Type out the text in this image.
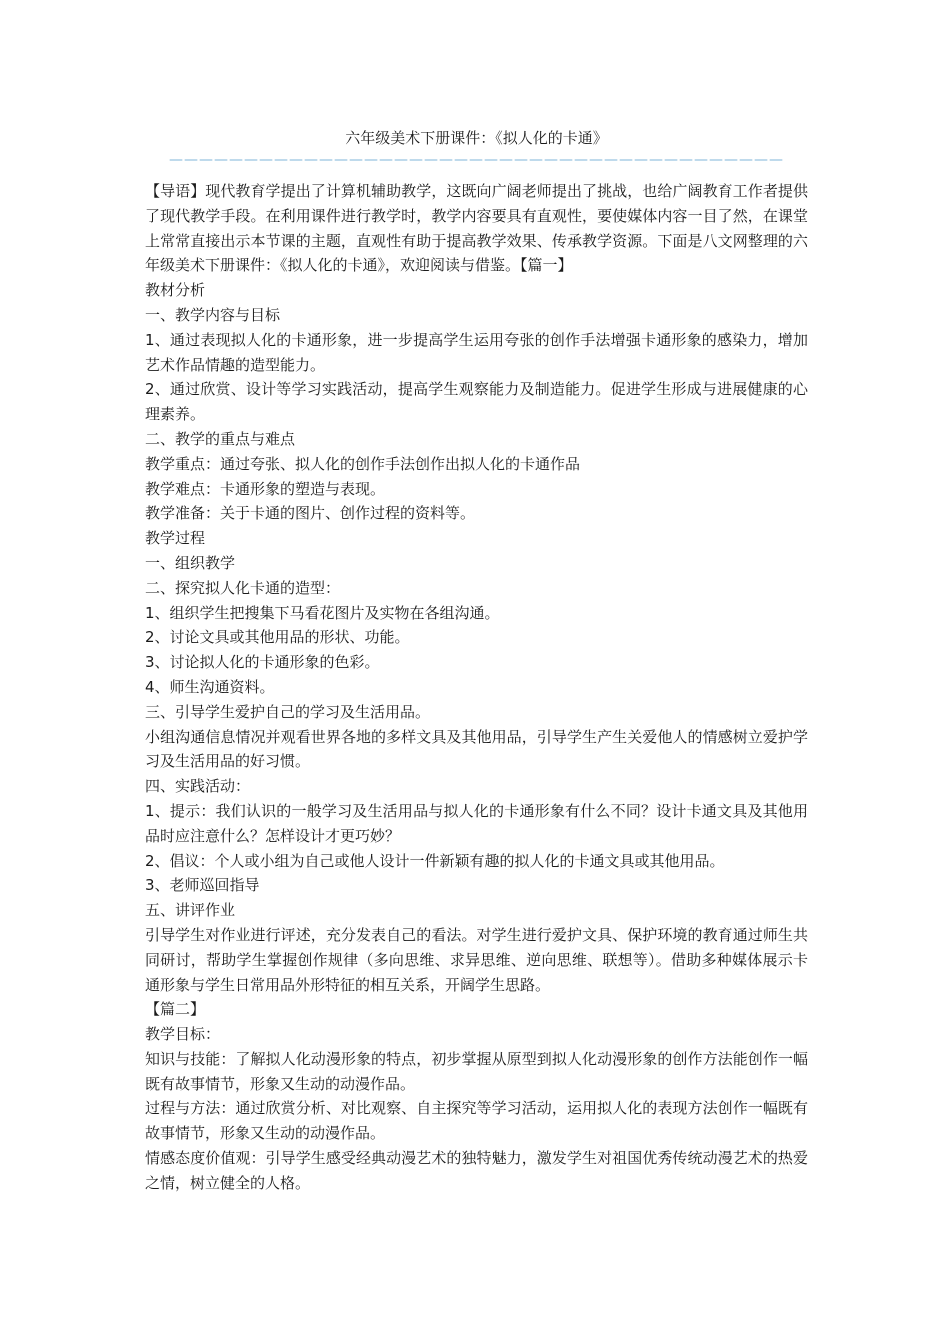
六年级美术下册课件：《拟人化的卡通》
—————————————————————————————————————————

【导语】现代教育学提出了计算机辅助教学，这既向广阔老师提出了挑战，也给广阔教育工作者提供了现代教学手段。在利用课件进行教学时，教学内容要具有直观性，要使媒体内容一目了然，在课堂上常常直接出示本节课的主题，直观性有助于提高教学效果、传承教学资源。下面是八文网整理的六年级美术下册课件：《拟人化的卡通》，欢迎阅读与借鉴。【篇一】

教材分析

一、教学内容与目标

1、通过表现拟人化的卡通形象，进一步提高学生运用夸张的创作手法增强卡通形象的感染力，增加艺术作品情趣的造型能力。

2、通过欣赏、设计等学习实践活动，提高学生观察能力及制造能力。促进学生形成与进展健康的心理素养。

二、教学的重点与难点

教学重点：通过夸张、拟人化的创作手法创作出拟人化的卡通作品

教学难点：卡通形象的塑造与表现。

教学准备：关于卡通的图片、创作过程的资料等。

教学过程

一、组织教学

二、探究拟人化卡通的造型：

1、组织学生把搜集下马看花图片及实物在各组沟通。

2、讨论文具或其他用品的形状、功能。

3、讨论拟人化的卡通形象的色彩。

4、师生沟通资料。

三、引导学生爱护自己的学习及生活用品。

小组沟通信息情况并观看世界各地的多样文具及其他用品，引导学生产生关爱他人的情感树立爱护学习及生活用品的好习惯。

四、实践活动：

1、提示：我们认识的一般学习及生活用品与拟人化的卡通形象有什么不同？设计卡通文具及其他用品时应注意什么？怎样设计才更巧妙？

2、倡议：个人或小组为自己或他人设计一件新颖有趣的拟人化的卡通文具或其他用品。

3、老师巡回指导

五、讲评作业

引导学生对作业进行评述，充分发表自己的看法。对学生进行爱护文具、保护环境的教育通过师生共同研讨，帮助学生掌握创作规律（多向思维、求异思维、逆向思维、联想等）。借助多种媒体展示卡通形象与学生日常用品外形特征的相互关系，开阔学生思路。

【篇二】

教学目标：

知识与技能：了解拟人化动漫形象的特点，初步掌握从原型到拟人化动漫形象的创作方法能创作一幅既有故事情节，形象又生动的动漫作品。

过程与方法：通过欣赏分析、对比观察、自主探究等学习活动，运用拟人化的表现方法创作一幅既有故事情节，形象又生动的动漫作品。

情感态度价值观：引导学生感受经典动漫艺术的独特魅力，激发学生对祖国优秀传统动漫艺术的热爱之情，树立健全的人格。
